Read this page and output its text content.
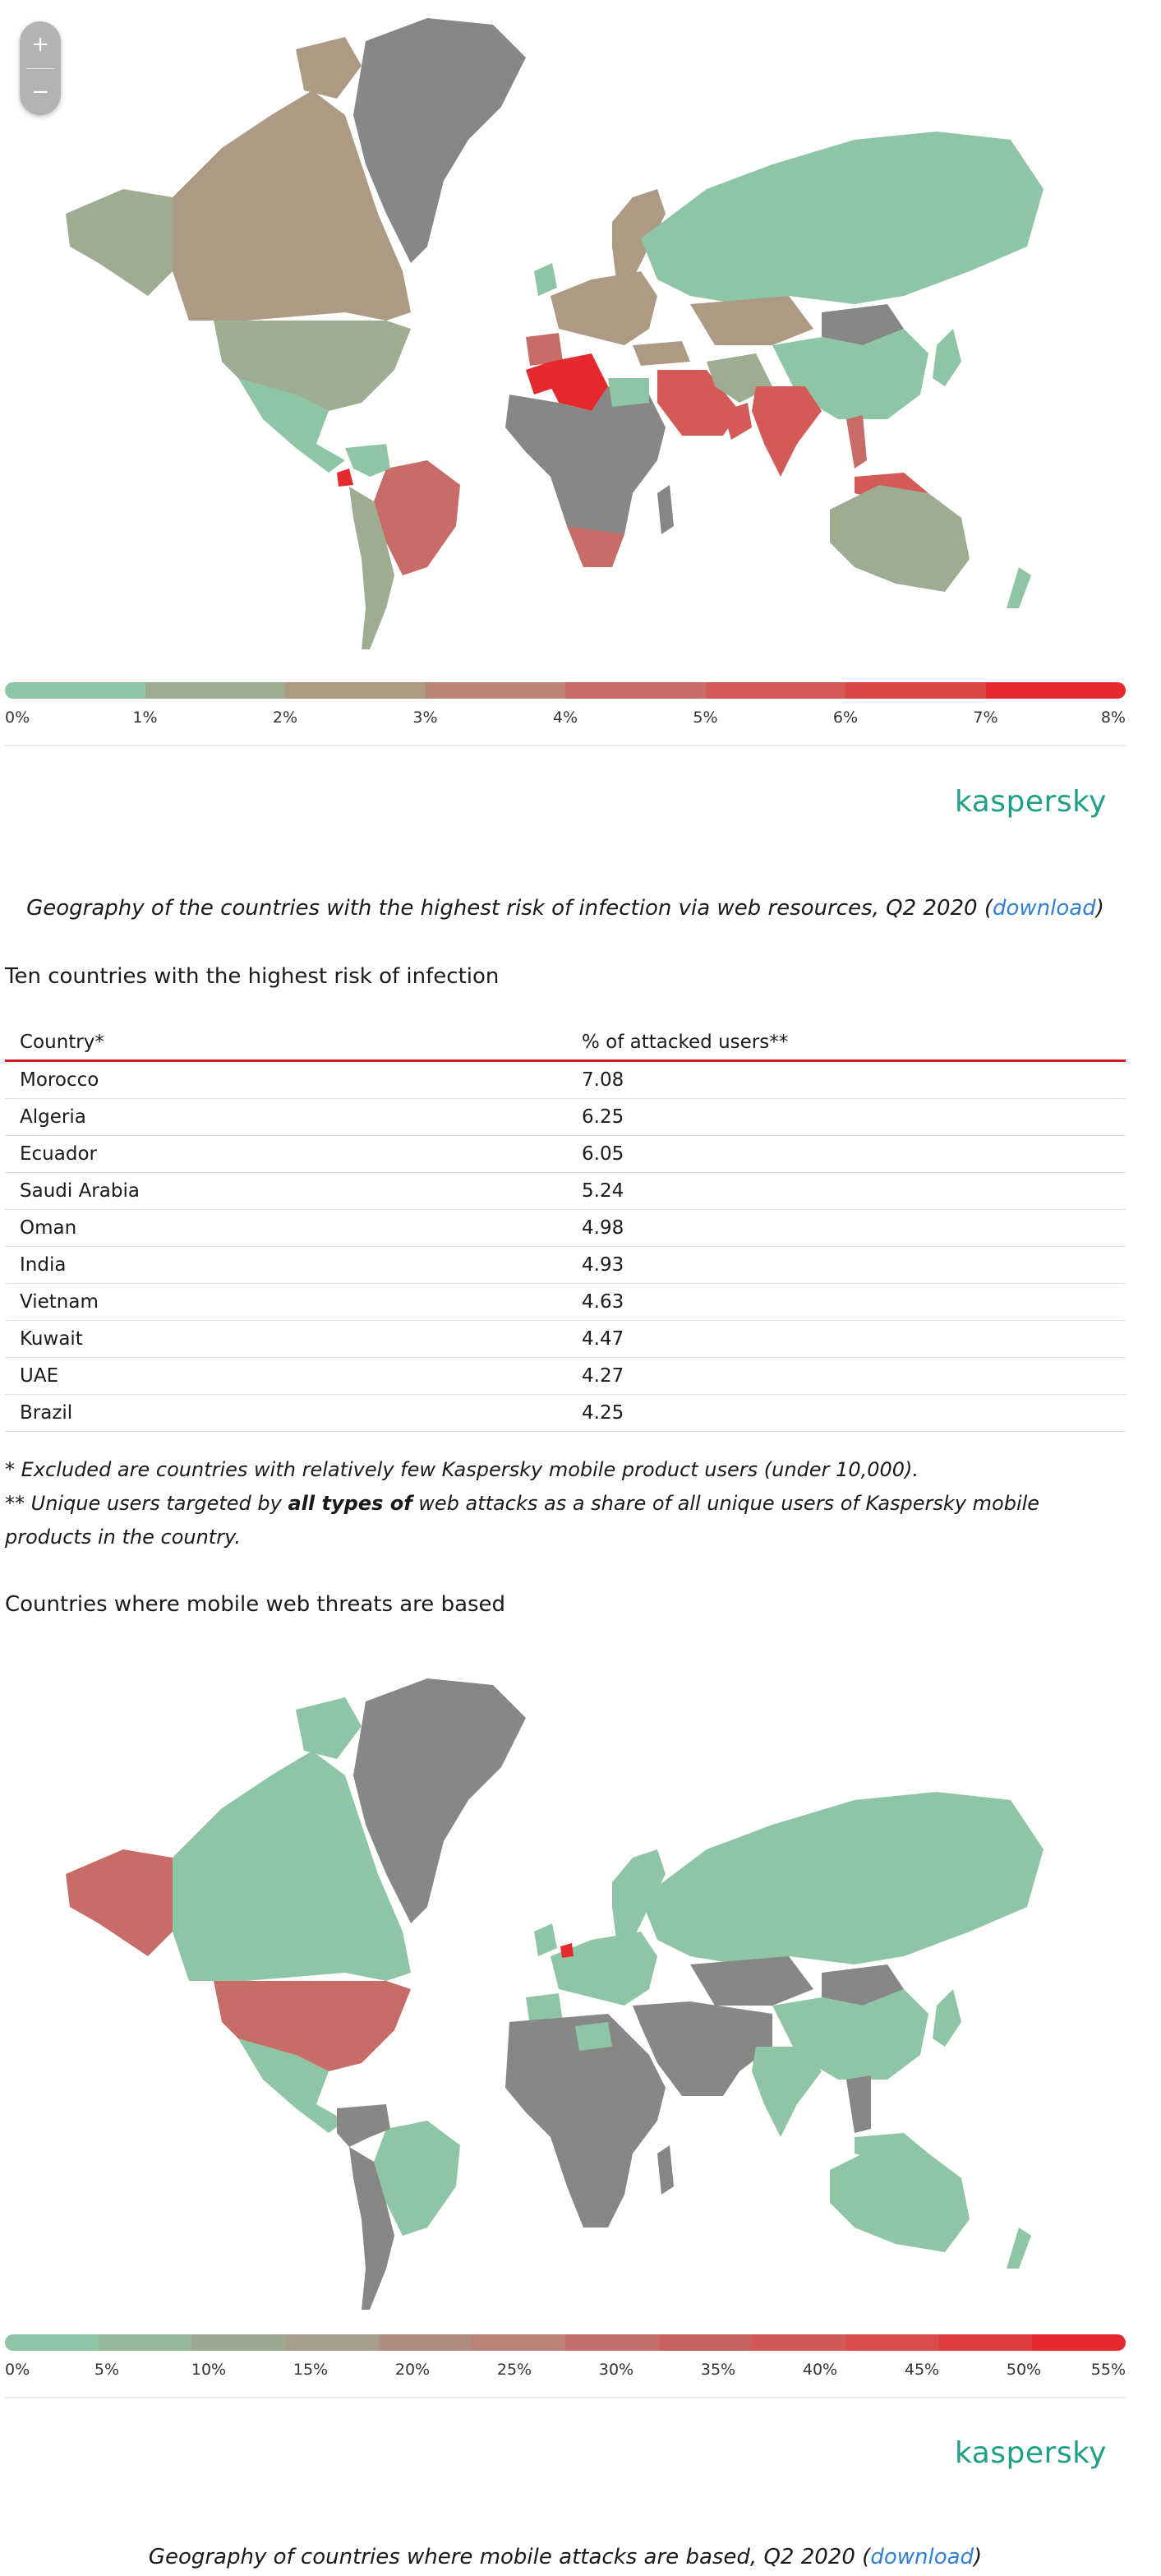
+
−
0%	1%	2%	3%	4%	5%	6%	7%	8%
kaspersky
Geography of the countries with the highest risk of infection via web resources, Q2 2020 (download)
Ten countries with the highest risk of infection
Country*	% of attacked users**
Morocco	7.08
Algeria	6.25
Ecuador	6.05
Saudi Arabia	5.24
Oman	4.98
India	4.93
Vietnam	4.63
Kuwait	4.47
UAE	4.27
Brazil	4.25
* Excluded are countries with relatively few Kaspersky mobile product users (under 10,000).
** Unique users targeted by all types of web attacks as a share of all unique users of Kaspersky mobile products in the country.
Countries where mobile web threats are based
0%	5%	10%	15%	20%	25%	30%	35%	40%	45%	50%	55%
kaspersky
Geography of countries where mobile attacks are based, Q2 2020 (download)
